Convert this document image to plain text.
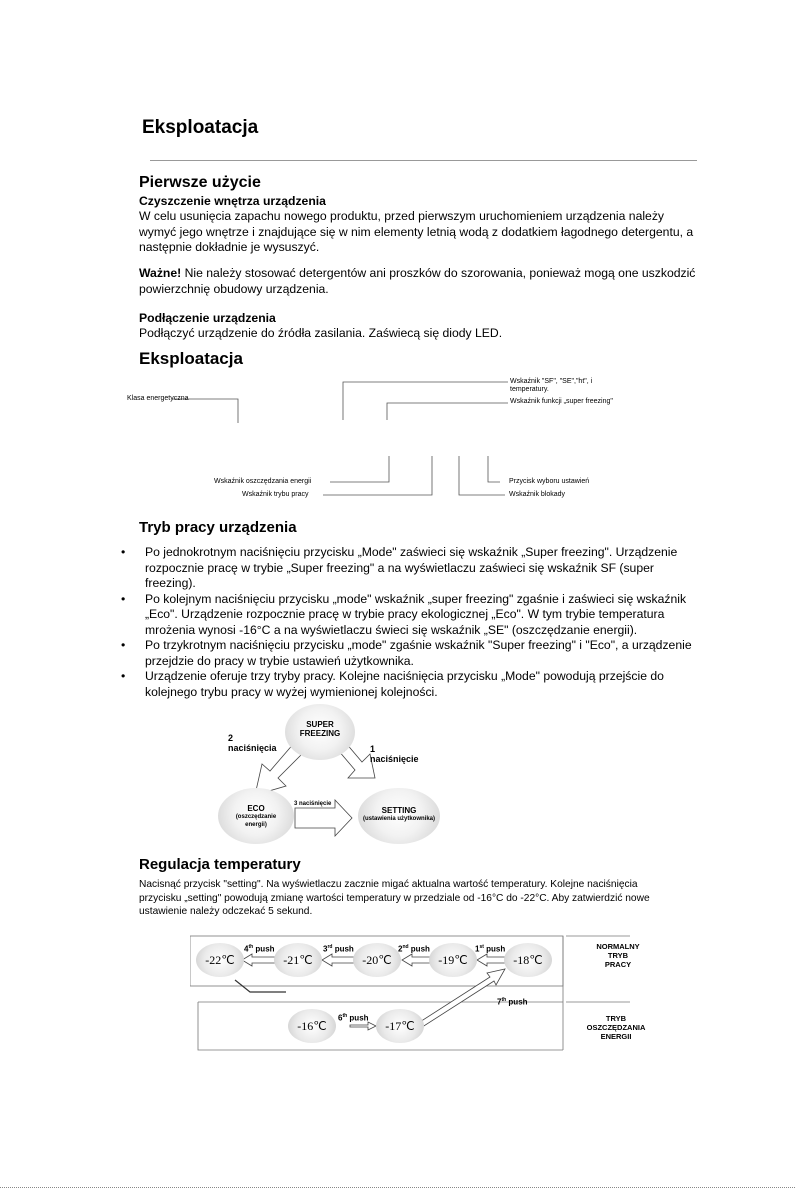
Eksploatacja
Pierwsze użycie
Czyszczenie wnętrza urządzenia
W celu usunięcia zapachu nowego produktu, przed pierwszym uruchomieniem urządzenia należy
wymyć jego wnętrze i znajdujące się w nim elementy letnią wodą z dodatkiem łagodnego detergentu, a
następnie dokładnie je wysuszyć.
Ważne! Nie należy stosować detergentów ani proszków do szorowania, ponieważ mogą one uszkodzić
powierzchnię obudowy urządzenia.
Podłączenie urządzenia
Podłączyć urządzenie do źródła zasilania. Zaświecą się diody LED.
Eksploatacja
Klasa energetyczna
Wskaźnik "SF", "SE","ht", i
temperatury.
Wskaźnik funkcji „super freezing"
Wskaźnik oszczędzania energii
Wskaźnik trybu pracy
Przycisk wyboru ustawień
Wskaźnik blokady
Tryb pracy urządzenia
• Po jednokrotnym naciśnięciu przycisku „Mode" zaświeci się wskaźnik „Super freezing". Urządzenie
rozpocznie pracę w trybie „Super freezing" a na wyświetlaczu zaświeci się wskaźnik SF (super
freezing).
• Po kolejnym naciśnięciu przycisku „mode" wskaźnik „super freezing" zgaśnie i zaświeci się wskaźnik
„Eco". Urządzenie rozpocznie pracę w trybie pracy ekologicznej „Eco". W tym trybie temperatura
mrożenia wynosi -16°C a na wyświetlaczu świeci się wskaźnik „SE" (oszczędzanie energii).
• Po trzykrotnym naciśnięciu przycisku „mode" zgaśnie wskaźnik "Super freezing" i "Eco", a urządzenie
przejdzie do pracy w trybie ustawień użytkownika.
• Urządzenie oferuje trzy tryby pracy. Kolejne naciśnięcia przycisku „Mode" powodują przejście do
kolejnego trybu pracy w wyżej wymienionej kolejności.
SUPER
FREEZING
ECO
(oszczędzanie
energii)
SETTING
(ustawienia użytkownika)
2
naciśnięcia	1
naciśnięcie
3 naciśnięcie
Regulacja temperatury
Nacisnąć przycisk "setting". Na wyświetlaczu zacznie migać aktualna wartość temperatury. Kolejne naciśnięcia
przycisku „setting" powodują zmianę wartości temperatury w przedziale od -16°C do -22°C. Aby zatwierdzić nowe
ustawienie należy odczekać 5 sekund.
-22℃	-21℃	-20℃	-19℃	-18℃
-16℃	-17℃
4th push	3rd push	2nd push	1st push
6th push
7th push
NORMALNY
TRYB
PRACY
TRYB
OSZCZĘDZANIA
ENERGII
